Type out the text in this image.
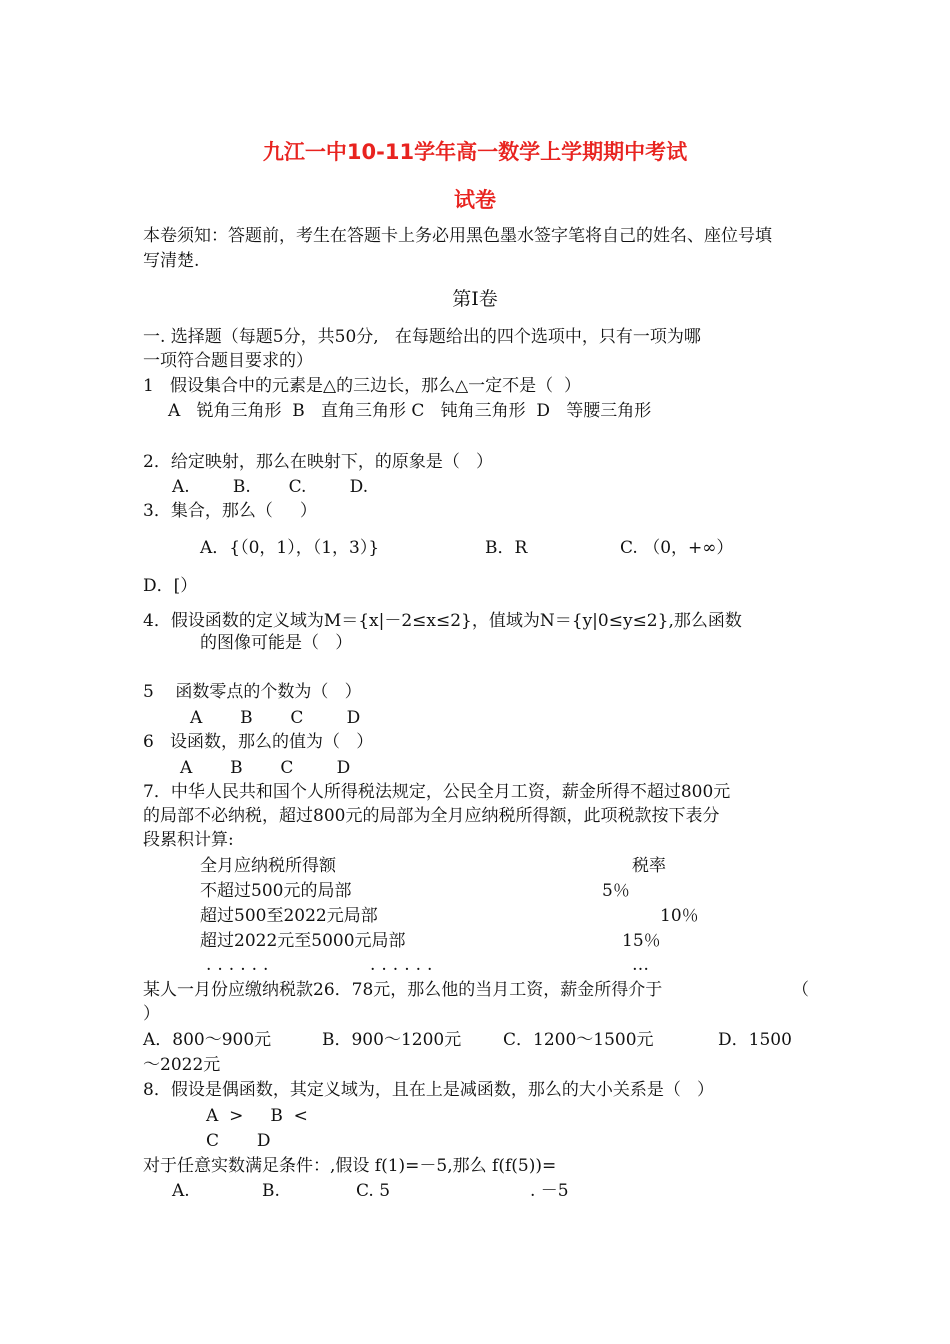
九江一中10-11学年高一数学上学期期中考试
试卷
本卷须知：答题前，考生在答题卡上务必用黑色墨水签字笔将自己的姓名、座位号填
写清楚.
第Ⅰ卷
一. 选择题（每题5分，共50分,   在每题给出的四个选项中，只有一项为哪
一项符合题目要求的）
1   假设集合中的元素是△的三边长，那么△一定不是（  ）
A   锐角三角形  B   直角三角形 C   钝角三角形  D   等腰三角形
2．给定映射，那么在映射下，的原象是（   ）
A.        B.       C.        D.
3．集合，那么（     ）
A．{（0，1），（1，3）}	B．R	C. （0，+∞）
D．[）
4．假设函数的定义域为M＝{x|－2≤x≤2}，值域为N＝{y|0≤y≤2},那么函数
的图像可能是（   ）
5    函数零点的个数为（   ）
A       B       C        D
6   设函数，那么的值为（   ）
A       B       C        D
7．中华人民共和国个人所得税法规定，公民全月工资，薪金所得不超过800元
的局部不必纳税，超过800元的局部为全月应纳税所得额，此项税款按下表分
段累积计算:
全月应纳税所得额	税率
不超过500元的局部	5％
超过500至2022元局部	10％
超过2022元至5000元局部	15％
......	......	…
某人一月份应缴纳税款26．78元，那么他的当月工资，薪金所得介于	（
）
A．800～900元	B．900～1200元 C．1200～1500元	D．1500
～2022元
8．假设是偶函数，其定义域为，且在上是减函数，那么的大小关系是（   ）
A  >     B  <
C       D
对于任意实数满足条件：,假设 f(1)=－5,那么 f(f(5))=
A.	B.	C. 5	. －5
